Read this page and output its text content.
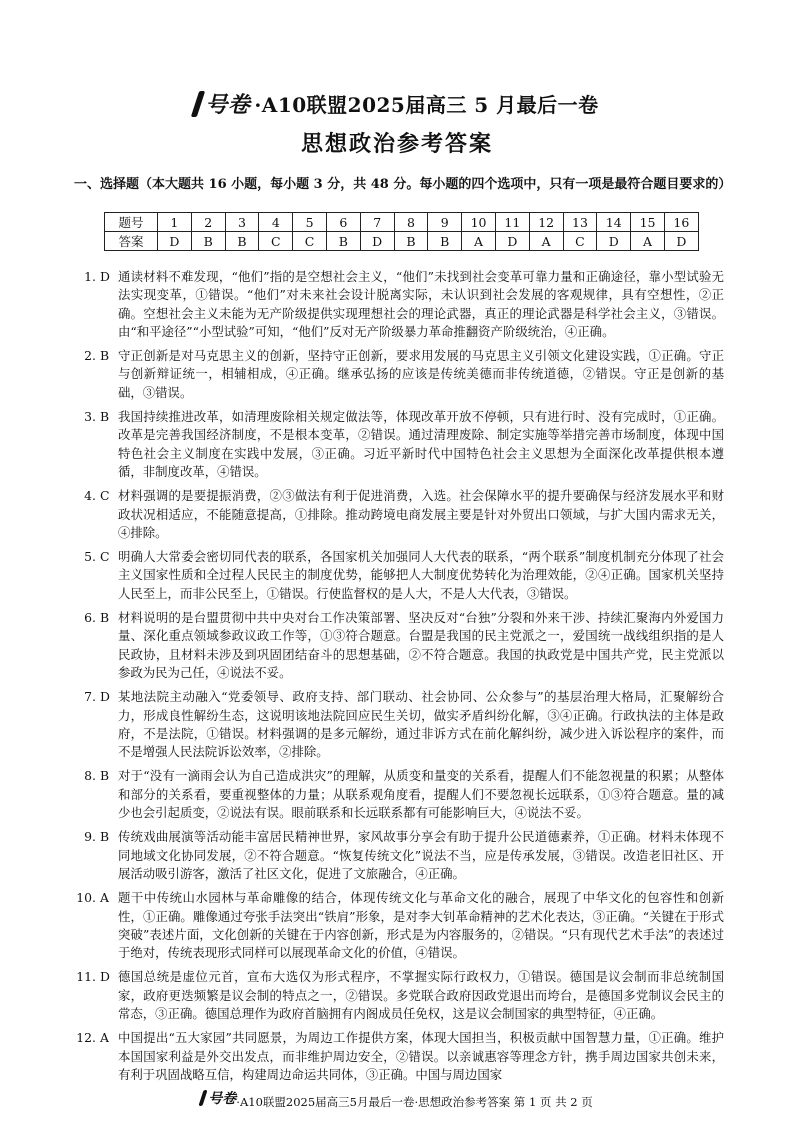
号卷 ·A10联盟2025届高三 5 月最后一卷
思想政治参考答案
一、选择题（本大题共 16 小题，每小题 3 分，共 48 分。每小题的四个选项中，只有一项是最符合题目要求的）
题号	1	2	3	4	5	6	7	8	9	10	11	12	13	14	15	16
答案	D	B	B	C	C	B	D	B	B	A	D	A	C	D	A	D
1. D 通读材料不难发现，“他们”指的是空想社会主义，“他们”未找到社会变革可靠力量和正确途径，靠小型试验无法实现变革，①错误。“他们”对未来社会设计脱离实际，未认识到社会发展的客观规律，具有空想性，②正确。空想社会主义未能为无产阶级提供实现理想社会的理论武器，真正的理论武器是科学社会主义，③错误。由“和平途径”“小型试验”可知，“他们”反对无产阶级暴力革命推翻资产阶级统治，④正确。
2. B 守正创新是对马克思主义的创新，坚持守正创新，要求用发展的马克思主义引领文化建设实践，①正确。守正与创新辩证统一，相辅相成，④正确。继承弘扬的应该是传统美德而非传统道德，②错误。守正是创新的基础，③错误。
3. B 我国持续推进改革，如清理废除相关规定做法等，体现改革开放不停顿，只有进行时、没有完成时，①正确。改革是完善我国经济制度，不是根本变革，②错误。通过清理废除、制定实施等举措完善市场制度，体现中国特色社会主义制度在实践中发展，③正确。习近平新时代中国特色社会主义思想为全面深化改革提供根本遵循，非制度改革，④错误。
4. C 材料强调的是要提振消费，②③做法有利于促进消费，入选。社会保障水平的提升要确保与经济发展水平和财政状况相适应，不能随意提高，①排除。推动跨境电商发展主要是针对外贸出口领域，与扩大国内需求无关，④排除。
5. C 明确人大常委会密切同代表的联系，各国家机关加强同人大代表的联系，“两个联系”制度机制充分体现了社会主义国家性质和全过程人民民主的制度优势，能够把人大制度优势转化为治理效能，②④正确。国家机关坚持人民至上，而非公民至上，①错误。行使监督权的是人大，不是人大代表，③错误。
6. B 材料说明的是台盟贯彻中共中央对台工作决策部署、坚决反对“台独”分裂和外来干涉、持续汇聚海内外爱国力量、深化重点领域参政议政工作等，①③符合题意。台盟是我国的民主党派之一，爱国统一战线组织指的是人民政协，且材料未涉及到巩固团结奋斗的思想基础，②不符合题意。我国的执政党是中国共产党，民主党派以参政为民为己任，④说法不妥。
7. D 某地法院主动融入“党委领导、政府支持、部门联动、社会协同、公众参与”的基层治理大格局，汇聚解纷合力，形成良性解纷生态，这说明该地法院回应民生关切，做实矛盾纠纷化解，③④正确。行政执法的主体是政府，不是法院，①错误。材料强调的是多元解纷，通过非诉方式在前化解纠纷，减少进入诉讼程序的案件，而不是增强人民法院诉讼效率，②排除。
8. B 对于“没有一滴雨会认为自己造成洪灾”的理解，从质变和量变的关系看，提醒人们不能忽视量的积累；从整体和部分的关系看，要重视整体的力量；从联系观角度看，提醒人们不要忽视长远联系，①③符合题意。量的减少也会引起质变，②说法有误。眼前联系和长远联系都有可能影响巨大，④说法不妥。
9. B 传统戏曲展演等活动能丰富居民精神世界，家风故事分享会有助于提升公民道德素养，①正确。材料未体现不同地域文化协同发展，②不符合题意。“恢复传统文化”说法不当，应是传承发展，③错误。改造老旧社区、开展活动吸引游客，激活了社区文化，促进了文旅融合，④正确。
10. A 题干中传统山水园林与革命雕像的结合，体现传统文化与革命文化的融合，展现了中华文化的包容性和创新性，①正确。雕像通过夸张手法突出“铁肩”形象，是对李大钊革命精神的艺术化表达，③正确。“关键在于形式突破”表述片面，文化创新的关键在于内容创新，形式是为内容服务的，②错误。“只有现代艺术手法”的表述过于绝对，传统表现形式同样可以展现革命文化的价值，④错误。
11. D 德国总统是虚位元首，宣布大选仅为形式程序，不掌握实际行政权力，①错误。德国是议会制而非总统制国家，政府更迭频繁是议会制的特点之一，②错误。多党联合政府因政党退出而垮台，是德国多党制议会民主的常态，③正确。德国总理作为政府首脑拥有内阁成员任免权，这是议会制国家的典型特征，④正确。
12. A 中国提出“五大家园”共同愿景，为周边工作提供方案，体现大国担当，积极贡献中国智慧力量，①正确。维护本国国家利益是外交出发点，而非维护周边安全，②错误。以亲诚惠容等理念方针，携手周边国家共创未来，有利于巩固战略互信，构建周边命运共同体，③正确。中国与周边国家
号卷 ·A10联盟2025届高三5月最后一卷·思想政治参考答案 第 1 页 共 2 页
